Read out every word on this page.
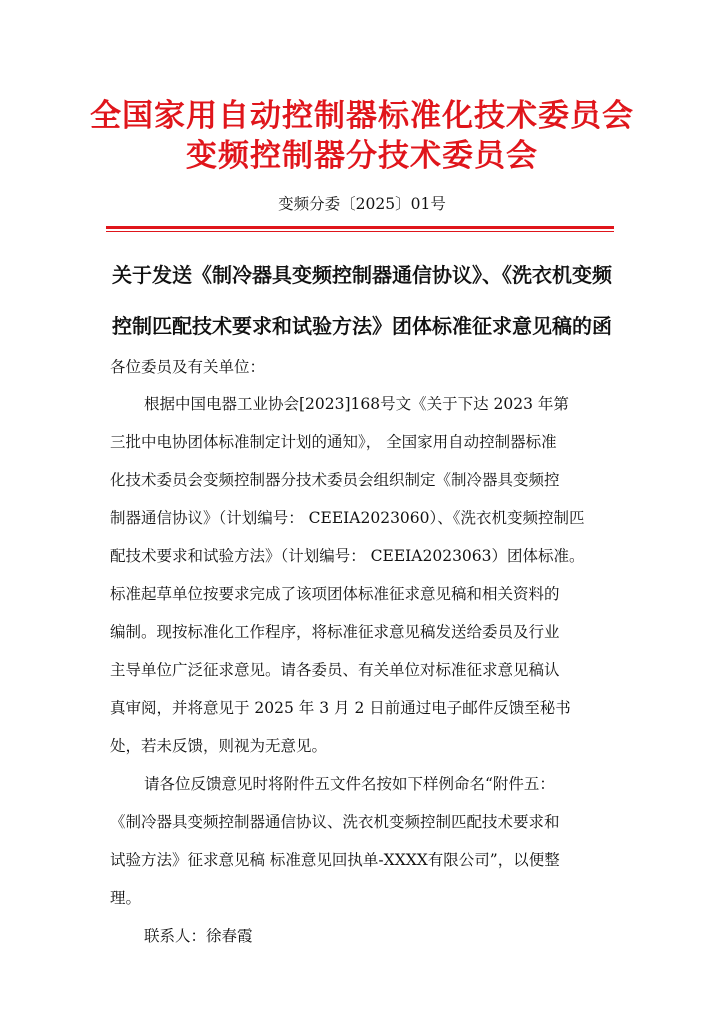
全国家用自动控制器标准化技术委员会
变频控制器分技术委员会
变频分委〔2025〕01号
关于发送《制冷器具变频控制器通信协议》、《洗衣机变频
控制匹配技术要求和试验方法》团体标准征求意见稿的函
各位委员及有关单位：
根据中国电器工业协会[2023]168号文《关于下达 2023 年第
三批中电协团体标准制定计划的通知》， 全国家用自动控制器标准
化技术委员会变频控制器分技术委员会组织制定《制冷器具变频控
制器通信协议》（计划编号： CEEIA2023060）、《洗衣机变频控制匹
配技术要求和试验方法》（计划编号： CEEIA2023063）团体标准。
标准起草单位按要求完成了该项团体标准征求意见稿和相关资料的
编制。现按标准化工作程序，将标准征求意见稿发送给委员及行业
主导单位广泛征求意见。请各委员、有关单位对标准征求意见稿认
真审阅，并将意见于 2025 年 3 月 2 日前通过电子邮件反馈至秘书
处，若未反馈，则视为无意见。
请各位反馈意见时将附件五文件名按如下样例命名“附件五：
《制冷器具变频控制器通信协议、洗衣机变频控制匹配技术要求和
试验方法》征求意见稿 标准意见回执单-XXXX有限公司”，以便整
理。
联系人：徐春霞
